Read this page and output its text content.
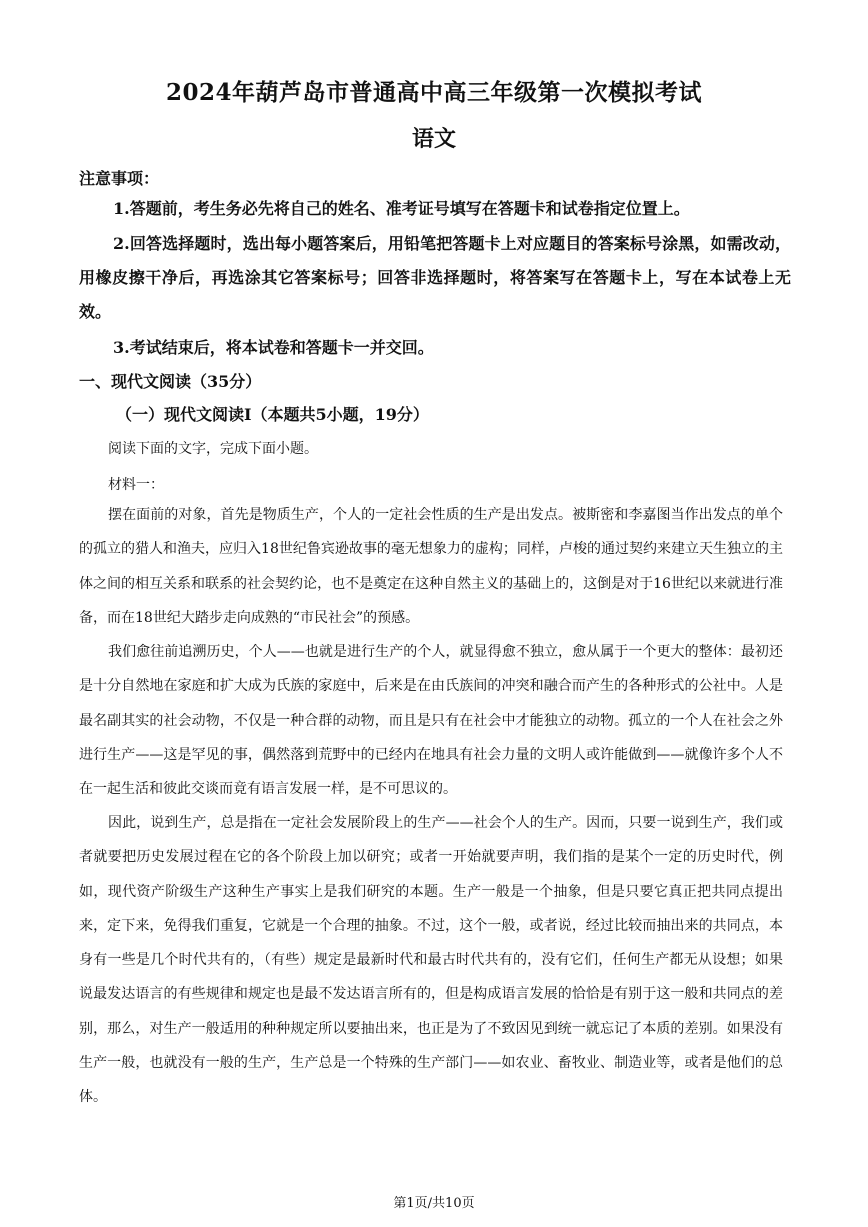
2024年葫芦岛市普通高中高三年级第一次模拟考试
语文
注意事项：
1.答题前，考生务必先将自己的姓名、准考证号填写在答题卡和试卷指定位置上。
2.回答选择题时，选出每小题答案后，用铅笔把答题卡上对应题目的答案标号涂黑，如需改动，用橡皮擦干净后，再选涂其它答案标号；回答非选择题时，将答案写在答题卡上，写在本试卷上无效。
3.考试结束后，将本试卷和答题卡一并交回。
一、现代文阅读（35分）
（一）现代文阅读Ⅰ（本题共5小题，19分）
阅读下面的文字，完成下面小题。
材料一：
摆在面前的对象，首先是物质生产，个人的一定社会性质的生产是出发点。被斯密和李嘉图当作出发点的单个的孤立的猎人和渔夫，应归入18世纪鲁宾逊故事的毫无想象力的虚构；同样，卢梭的通过契约来建立天生独立的主体之间的相互关系和联系的社会契约论，也不是奠定在这种自然主义的基础上的，这倒是对于16世纪以来就进行准备，而在18世纪大踏步走向成熟的“市民社会”的预感。
我们愈往前追溯历史，个人——也就是进行生产的个人，就显得愈不独立，愈从属于一个更大的整体：最初还是十分自然地在家庭和扩大成为氏族的家庭中，后来是在由氏族间的冲突和融合而产生的各种形式的公社中。人是最名副其实的社会动物，不仅是一种合群的动物，而且是只有在社会中才能独立的动物。孤立的一个人在社会之外进行生产——这是罕见的事，偶然落到荒野中的已经内在地具有社会力量的文明人或许能做到——就像许多个人不在一起生活和彼此交谈而竟有语言发展一样，是不可思议的。
因此，说到生产，总是指在一定社会发展阶段上的生产——社会个人的生产。因而，只要一说到生产，我们或者就要把历史发展过程在它的各个阶段上加以研究；或者一开始就要声明，我们指的是某个一定的历史时代，例如，现代资产阶级生产这种生产事实上是我们研究的本题。生产一般是一个抽象，但是只要它真正把共同点提出来，定下来，免得我们重复，它就是一个合理的抽象。不过，这个一般，或者说，经过比较而抽出来的共同点，本身有一些是几个时代共有的，（有些）规定是最新时代和最古时代共有的，没有它们，任何生产都无从设想；如果说最发达语言的有些规律和规定也是最不发达语言所有的，但是构成语言发展的恰恰是有别于这一般和共同点的差别，那么，对生产一般适用的种种规定所以要抽出来，也正是为了不致因见到统一就忘记了本质的差别。如果没有生产一般，也就没有一般的生产，生产总是一个特殊的生产部门——如农业、畜牧业、制造业等，或者是他们的总体。
第1页/共10页
